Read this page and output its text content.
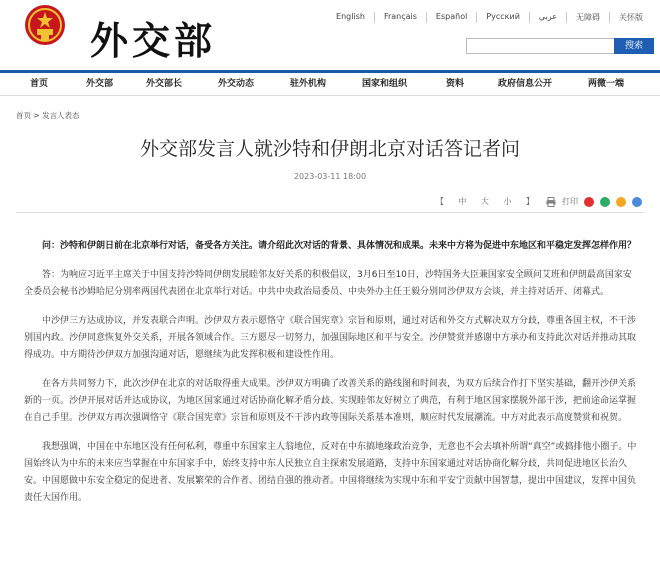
外交部
English	Français	Español	Русский	عربي	无障碍	关怀版
搜索
首页	外交部	外交部长	外交动态	驻外机构	国家和组织	资料	政府信息公开	两微一端
首页 > 发言人表态
外交部发言人就沙特和伊朗北京对话答记者问
2023-03-11 18:00
【 中 大 小 】	打印

问：沙特和伊朗日前在北京举行对话，备受各方关注。请介绍此次对话的背景、具体情况和成果。未来中方将为促进中东地区和平稳定发挥怎样作用？

答：为响应习近平主席关于中国支持沙特同伊朗发展睦邻友好关系的积极倡议，3月6日至10日，沙特国务大臣兼国家安全顾问艾班和伊朗最高国家安全委员会秘书沙姆哈尼分别率两国代表团在北京举行对话。中共中央政治局委员、中央外办主任王毅分别同沙伊双方会谈，并主持对话开、闭幕式。

中沙伊三方达成协议，并发表联合声明。沙伊双方表示愿恪守《联合国宪章》宗旨和原则，通过对话和外交方式解决双方分歧，尊重各国主权，不干涉别国内政。沙伊同意恢复外交关系，开展各领域合作。三方愿尽一切努力，加强国际地区和平与安全。沙伊赞赏并感谢中方承办和支持此次对话并推动其取得成功。中方期待沙伊双方加强沟通对话，愿继续为此发挥积极和建设性作用。

在各方共同努力下，此次沙伊在北京的对话取得重大成果。沙伊双方明确了改善关系的路线图和时间表，为双方后续合作打下坚实基础，翻开沙伊关系新的一页。沙伊开展对话并达成协议，为地区国家通过对话协商化解矛盾分歧、实现睦邻友好树立了典范，有利于地区国家摆脱外部干涉，把前途命运掌握在自己手里。沙伊双方再次强调恪守《联合国宪章》宗旨和原则及不干涉内政等国际关系基本准则，顺应时代发展潮流。中方对此表示高度赞赏和祝贺。

我想强调，中国在中东地区没有任何私利，尊重中东国家主人翁地位，反对在中东搞地缘政治竞争，无意也不会去填补所谓“真空”或搞排他小圈子。中国始终认为中东的未来应当掌握在中东国家手中，始终支持中东人民独立自主探索发展道路，支持中东国家通过对话协商化解分歧，共同促进地区长治久安。中国愿做中东安全稳定的促进者、发展繁荣的合作者、团结自强的推动者。中国将继续为实现中东和平安宁贡献中国智慧，提出中国建议，发挥中国负责任大国作用。
